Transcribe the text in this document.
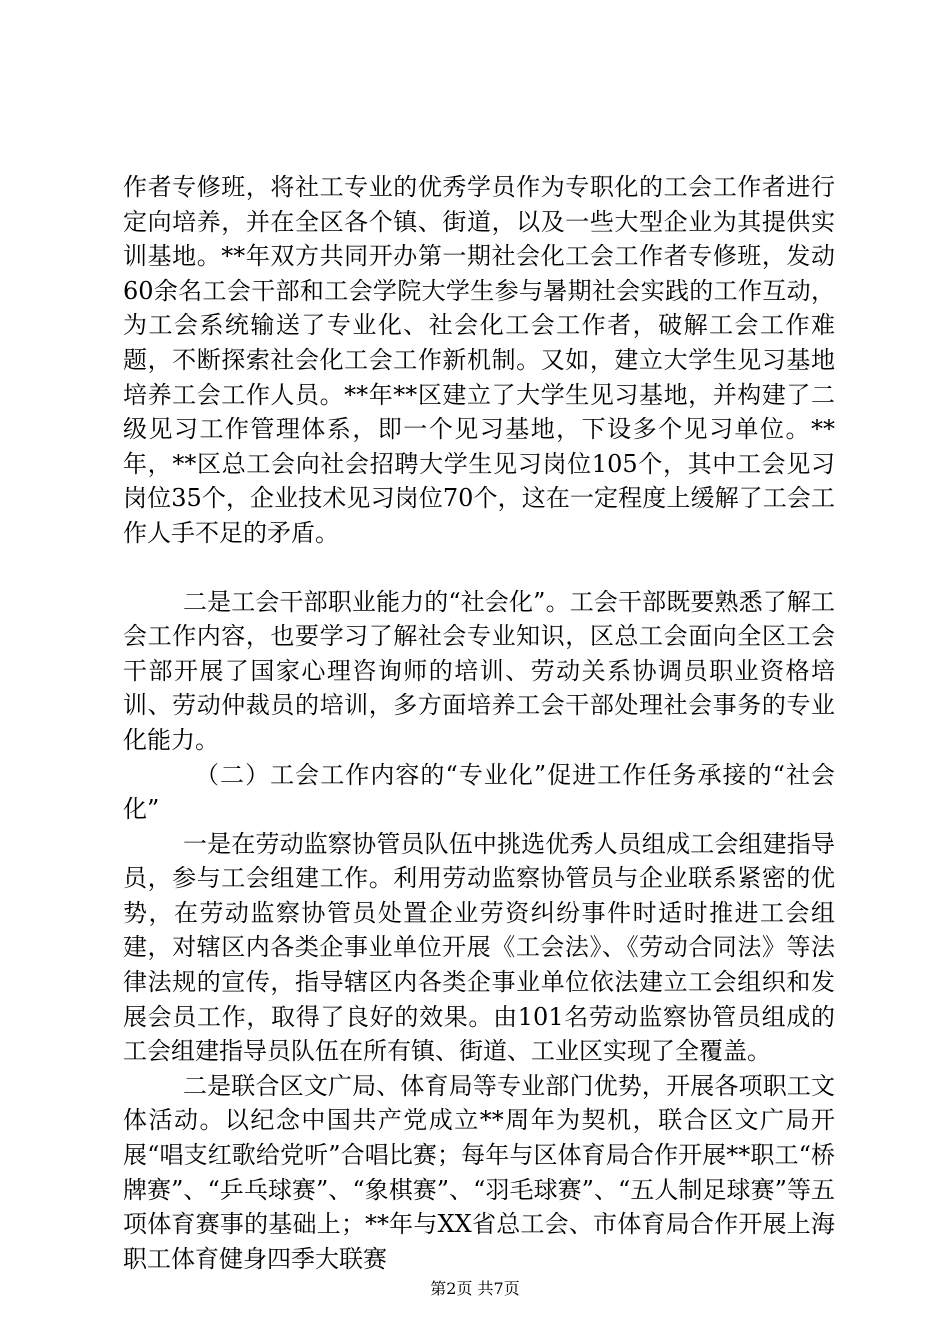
作者专修班，将社工专业的优秀学员作为专职化的工会工作者进行定向培养，并在全区各个镇、街道，以及一些大型企业为其提供实训基地。**年双方共同开办第一期社会化工会工作者专修班，发动60余名工会干部和工会学院大学生参与暑期社会实践的工作互动，为工会系统输送了专业化、社会化工会工作者，破解工会工作难题，不断探索社会化工会工作新机制。又如，建立大学生见习基地培养工会工作人员。**年**区建立了大学生见习基地，并构建了二级见习工作管理体系，即一个见习基地，下设多个见习单位。**年，**区总工会向社会招聘大学生见习岗位105个，其中工会见习岗位35个，企业技术见习岗位70个，这在一定程度上缓解了工会工作人手不足的矛盾。

二是工会干部职业能力的“社会化”。工会干部既要熟悉了解工会工作内容，也要学习了解社会专业知识，区总工会面向全区工会干部开展了国家心理咨询师的培训、劳动关系协调员职业资格培训、劳动仲裁员的培训，多方面培养工会干部处理社会事务的专业化能力。

（二）工会工作内容的“专业化”促进工作任务承接的“社会化”

一是在劳动监察协管员队伍中挑选优秀人员组成工会组建指导员，参与工会组建工作。利用劳动监察协管员与企业联系紧密的优势，在劳动监察协管员处置企业劳资纠纷事件时适时推进工会组建，对辖区内各类企事业单位开展《工会法》、《劳动合同法》等法律法规的宣传，指导辖区内各类企事业单位依法建立工会组织和发展会员工作，取得了良好的效果。由101名劳动监察协管员组成的工会组建指导员队伍在所有镇、街道、工业区实现了全覆盖。

二是联合区文广局、体育局等专业部门优势，开展各项职工文体活动。以纪念中国共产党成立**周年为契机，联合区文广局开展“唱支红歌给党听”合唱比赛；每年与区体育局合作开展**职工“桥牌赛”、“乒乓球赛”、“象棋赛”、“羽毛球赛”、“五人制足球赛”等五项体育赛事的基础上；**年与XX省总工会、市体育局合作开展上海职工体育健身四季大联赛

第2页 共7页
